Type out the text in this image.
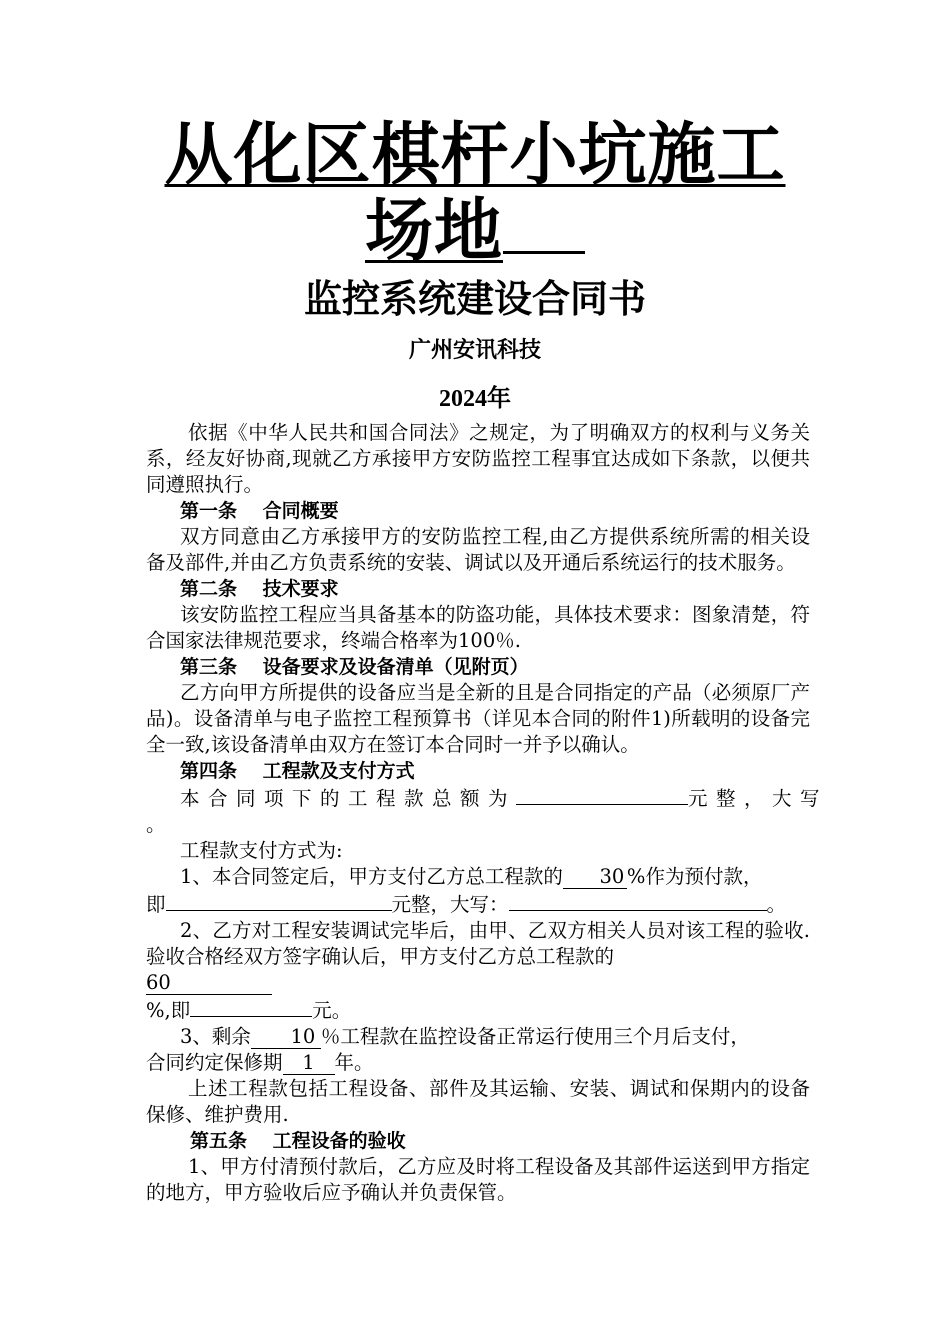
从化区棋杆小坑施工
场地
监控系统建设合同书
广州安讯科技
2024年

依据《中华人民共和国合同法》之规定，为了明确双方的权利与义务关系，经友好协商,现就乙方承接甲方安防监控工程事宜达成如下条款，以便共同遵照执行。

第一条　 合同概要

双方同意由乙方承接甲方的安防监控工程,由乙方提供系统所需的相关设备及部件,并由乙方负责系统的安装、调试以及开通后系统运行的技术服务。

第二条　 技术要求

该安防监控工程应当具备基本的防盗功能，具体技术要求：图象清楚，符合国家法律规范要求，终端合格率为100％.

第三条　 设备要求及设备清单（见附页）

乙方向甲方所提供的设备应当是全新的且是合同指定的产品（必须原厂产品)。设备清单与电子监控工程预算书（详见本合同的附件1)所载明的设备完全一致,该设备清单由双方在签订本合同时一并予以确认。

第四条　 工程款及支付方式

本合同项下的工程款总额为	元整，大写

。

工程款支付方式为:

1、本合同签定后，甲方支付乙方总工程款的 30 %作为预付款，

即	元整，大写：	。

2、乙方对工程安装调试完毕后，由甲、乙双方相关人员对该工程的验收.验收合格经双方签字确认后，甲方支付乙方总工程款的

60

%,即	元。

3、剩余 10 ％工程款在监控设备正常运行使用三个月后支付，

合同约定保修期 1 年。

上述工程款包括工程设备、部件及其运输、安装、调试和保期内的设备保修、维护费用.

第五条　 工程设备的验收

1、甲方付清预付款后，乙方应及时将工程设备及其部件运送到甲方指定的地方，甲方验收后应予确认并负责保管。
